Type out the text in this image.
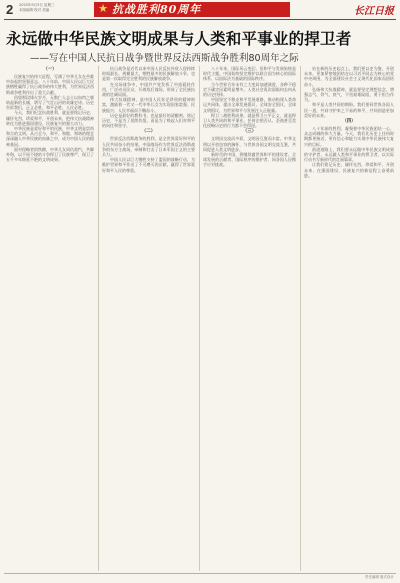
2 2025年9月3日 星期三
本版编辑 校对 美编	★ 抗战胜利80周年	长江日报
永远做中华民族文明成果与人类和平事业的捍卫者
——写在中国人民抗日战争暨世界反法西斯战争胜利80周年之际
（一）

民族复兴的伟大征程，写满了中华儿女在苦难中奋起的坚强意志。八十年前，中国人民以巨大民族牺牲赢得了抗日战争的伟大胜利，为世界反法西斯战争胜利作出了重大贡献。

回望那段烽火岁月，无数仁人志士以血肉之躯筑起新的长城，谱写了气壮山河的英雄史诗。历史告诉我们，正义必胜、和平必胜、人民必胜。

今天，我们纪念抗战胜利，就是要铭记历史、缅怀先烈、珍爱和平、开创未来，把伟大抗战精神转化为推进强国建设、民族复兴的强大动力。

中华民族是爱好和平的民族，中华文明是崇尚和合的文明。从古至今，和平、和睦、和谐的理念深深融入中华民族的血脉之中，成为中国人民的精神基因。

面对侵略者的铁蹄，中华儿女同仇敌忾、共御外侮，以不屈不挠的斗争捍卫了民族尊严，保卫了五千多年绵延不绝的文明成果。

抗日战争是近代以来中国人民反抗外敌入侵持续时间最长、规模最大、牺牲最多的民族解放斗争，也是第一次取得完全胜利的民族解放战争。

在这场战争中，中国共产党发挥了中流砥柱作用，广泛动员民众，开辟敌后战场，形成了全民族抗战的壮阔局面。

伟大抗战精神，是中国人民弥足珍贵的精神财富，激励着一代又一代中华儿女为实现国家富强、民族振兴、人民幸福而不懈奋斗。

历史是最好的教科书，也是最好的清醒剂。铭记历史，不是为了延续仇恨，而是为了唤起人们对和平的向往和坚守。

（二）

世界反法西斯战争的胜利，是全世界爱好和平的人民共同奋斗的结果。中国战场作为世界反法西斯战争的东方主战场，牵制和打击了日本军国主义的主要兵力。

中国人民以巨大牺牲支持了盟国的战略行动，为维护世界和平作出了不可磨灭的贡献，赢得了世界爱好和平人民的尊重。

八十年来，国际风云变幻，但和平与发展始终是时代主题。中国始终坚定维护以联合国为核心的国际体系、以国际法为基础的国际秩序。

当今世界百年未有之大变局加速演进，各种不稳定不确定因素明显增多。人类社会再次面临何去何从的历史抉择。

中国坚定不移走和平发展道路，推动构建人类命运共同体，提出全球发展倡议、全球安全倡议、全球文明倡议，为世界和平与发展注入正能量。

捍卫二战胜利成果，就是捍卫公平正义，就是捍卫人类共同的和平事业。任何企图否认、歪曲甚至美化侵略历史的行为都不会得逞。

（三）

文明因交流而多彩，文明因互鉴而丰富。中华文明以开放包容的胸怀，与世界各国文明交流互鉴，共同促进人类文明进步。

新时代的中国，将继续做世界和平的建设者、全球发展的贡献者、国际秩序的维护者，同各国人民携手应对挑战。

站在新的历史起点上，我们要以史为鉴、开创未来，更加紧密地团结在以习近平同志为核心的党中央周围，为全面建设社会主义现代化国家而团结奋斗。

弘扬伟大抗战精神，就是要坚定理想信念，增强志气、骨气、底气，不畏艰难险阻，勇于担当作为。

和平是人类共同的期盼。我们要同世界各国人民一道，共同守护来之不易的和平，共同创造更加美好的未来。

（四）

八十年前的胜利，凝聚着中华民族团结一心、众志成城的伟大力量。今天，我们比历史上任何时期都更接近、更有信心和能力实现中华民族伟大复兴的目标。

前进道路上，我们要永远做中华民族文明成果的守护者，永远做人类和平事业的捍卫者，以实际行动书写新时代的壮丽篇章。

让我们铭记历史、缅怀先烈，珍爱和平、开创未来，在强国建设、民族复兴的新征程上奋勇前进。

责任编辑 版式设计
